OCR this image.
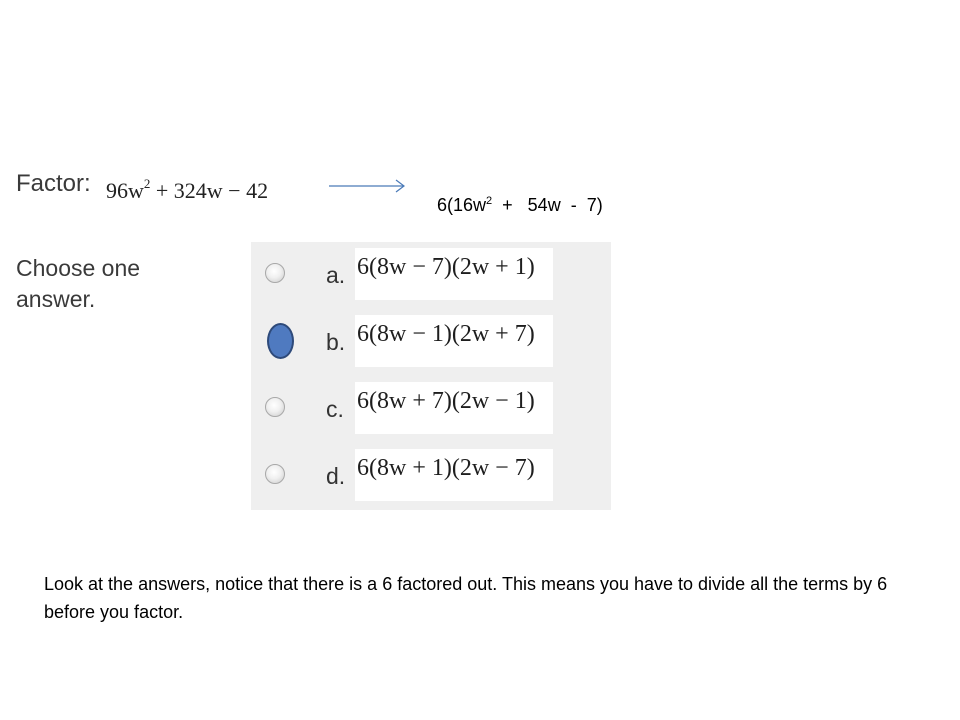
Factor: $96w^2 + 324w - 42$
$6(16w^2 + 54w - 7)$
Choose one answer.
a. 6(8w − 7)(2w + 1)
b. 6(8w − 1)(2w + 7)
c. 6(8w + 7)(2w − 1)
d. 6(8w + 1)(2w − 7)
Look at the answers, notice that there is a 6 factored out. This means you have to divide all the terms by 6 before you factor.
